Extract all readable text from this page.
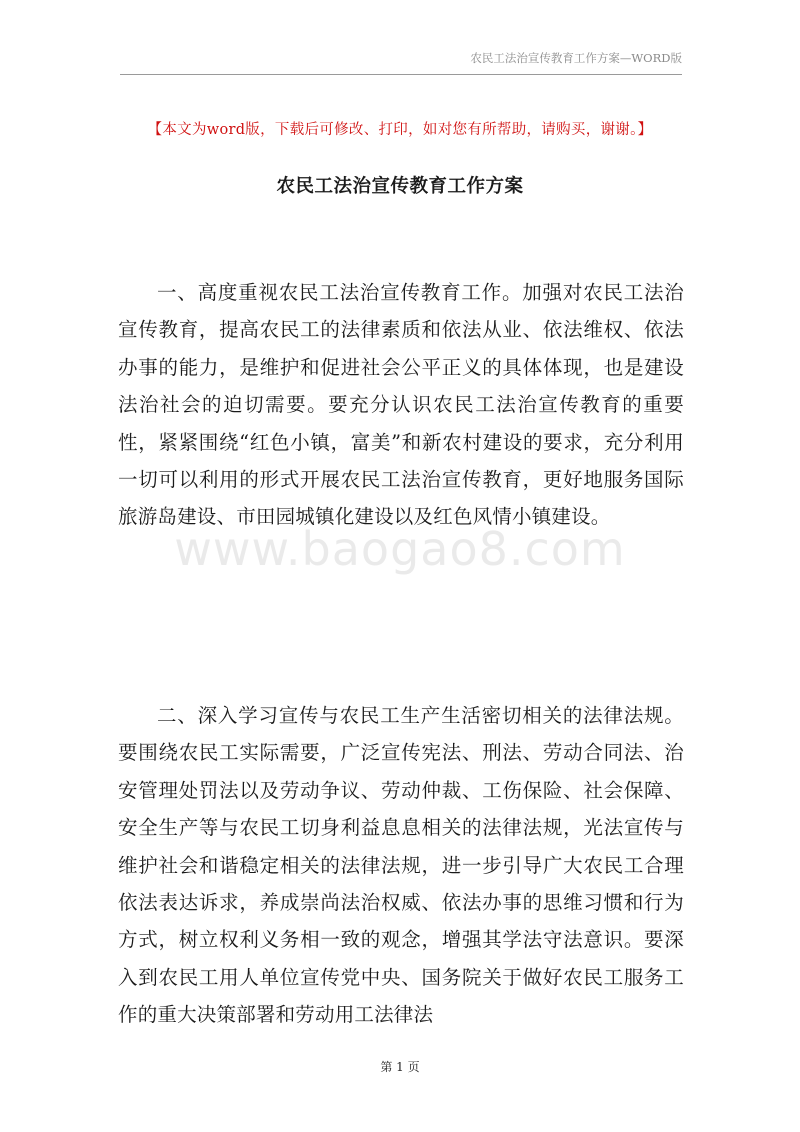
农民工法治宣传教育工作方案—WORD版
【本文为word版，下载后可修改、打印，如对您有所帮助，请购买，谢谢。】
农民工法治宣传教育工作方案

一、高度重视农民工法治宣传教育工作。加强对农民工法治宣传教育，提高农民工的法律素质和依法从业、依法维权、依法办事的能力，是维护和促进社会公平正义的具体体现，也是建设法治社会的迫切需要。要充分认识农民工法治宣传教育的重要性，紧紧围绕“红色小镇，富美”和新农村建设的要求，充分利用一切可以利用的形式开展农民工法治宣传教育，更好地服务国际旅游岛建设、市田园城镇化建设以及红色风情小镇建设。

www.baogao8.com

二、深入学习宣传与农民工生产生活密切相关的法律法规。要围绕农民工实际需要，广泛宣传宪法、刑法、劳动合同法、治安管理处罚法以及劳动争议、劳动仲裁、工伤保险、社会保障、安全生产等与农民工切身利益息息相关的法律法规，光法宣传与维护社会和谐稳定相关的法律法规，进一步引导广大农民工合理依法表达诉求，养成崇尚法治权威、依法办事的思维习惯和行为方式，树立权利义务相一致的观念，增强其学法守法意识。要深入到农民工用人单位宣传党中央、国务院关于做好农民工服务工作的重大决策部署和劳动用工法律法

第 1 页
